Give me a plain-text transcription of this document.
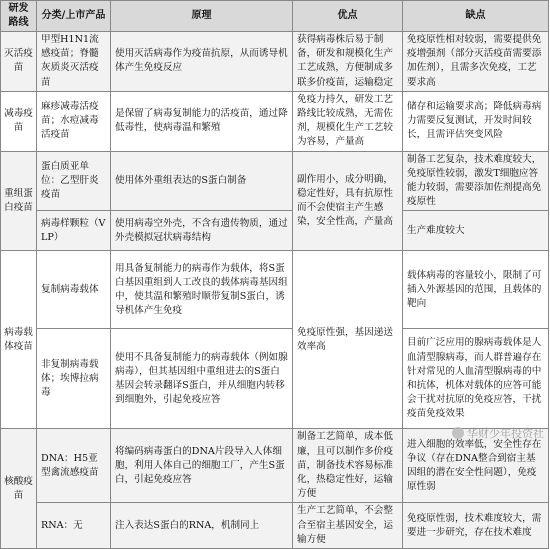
研发路线	分类/上市产品	原理	优点	缺点
灭活疫苗	甲型H1N1流感疫苗；脊髓灰质炎灭活疫苗	使用灭活病毒作为疫苗抗原，从而诱导机体产生免疫反应	获得病毒株后易于制备，研发和规模化生产工艺成熟，方便制成多联多价疫苗，运输稳定	免疫原性相对较弱，需要提供免疫增强剂（部分灭活疫苗需要添加佐剂），且需多次免疫，工艺要求高
减毒疫苗	麻疹减毒活疫苗；水痘减毒活疫苗	是保留了病毒复制能力的活疫苗，通过降低毒性，使病毒温和繁殖	免疫力持久，研发工艺路线比较成熟，无需佐剂，规模化生产工艺较为容易，产量高	储存和运输要求高；降低病毒病力需要反复测试，开发时间较长，且需评估突变风险
重组蛋白疫苗	蛋白质亚单位：乙型肝炎疫苗	使用体外重组表达的S蛋白制备	副作用小，成分明确，稳定性好，具有抗原性而不会使宿主产生感染，安全性高，产量高	制备工艺复杂，技术难度较大，免疫原性较弱，激发T细胞应答能力较弱，需要添加佐剂提高免疫原性
	病毒样颗粒（VLP）	使用病毒空外壳，不含有遗传物质，通过外壳模拟冠状病毒结构		生产难度较大
病毒载体疫苗	复制病毒载体	用具备复制能力的病毒作为载体，将S蛋白基因重组到人工改良的载体病毒基因组中，使其温和繁殖时顺带复制S蛋白，诱导机体产生免疫	免疫原性强，基因递送效率高	载体病毒的容量较小，限制了可插入外源基因的范围，且载体的靶向
	非复制病毒载体；埃博拉病毒	使用不具备复制能力的病毒载体（例如腺病毒），但其基因组中重组进去的S蛋白基因会转录翻译S蛋白，并从细胞内转移到细胞外，引起免疫应答		目前广泛应用的腺病毒载体是人血清型腺病毒，而人群普遍存在针对常见的人血清型腺病毒的中和抗体，机体对载体的应答可能会干扰对抗原的免疫应答，干扰疫苗免疫效果
核酸疫苗	DNA：H5亚型禽流感疫苗	将编码病毒蛋白的DNA片段导入人体细胞，利用人体自己的细胞工厂，产生S蛋白，引起免疫应答	制备工艺简单，成本低廉，且可以制作多价疫苗，制备技术容易标准化，热稳定性好，运输方便	进入细胞的效率低，安全性存在争议（存在DNA整合到宿主基因组的潜在安全性问题），免疫原性弱
	RNA：无	注入表达S蛋白的RNA，机制同上	生产工艺简单，不会整合至宿主基因安全，运输方便	免疫原性弱，技术难度较大，需要进一步研究，存在技术难度
华财少年投资社
